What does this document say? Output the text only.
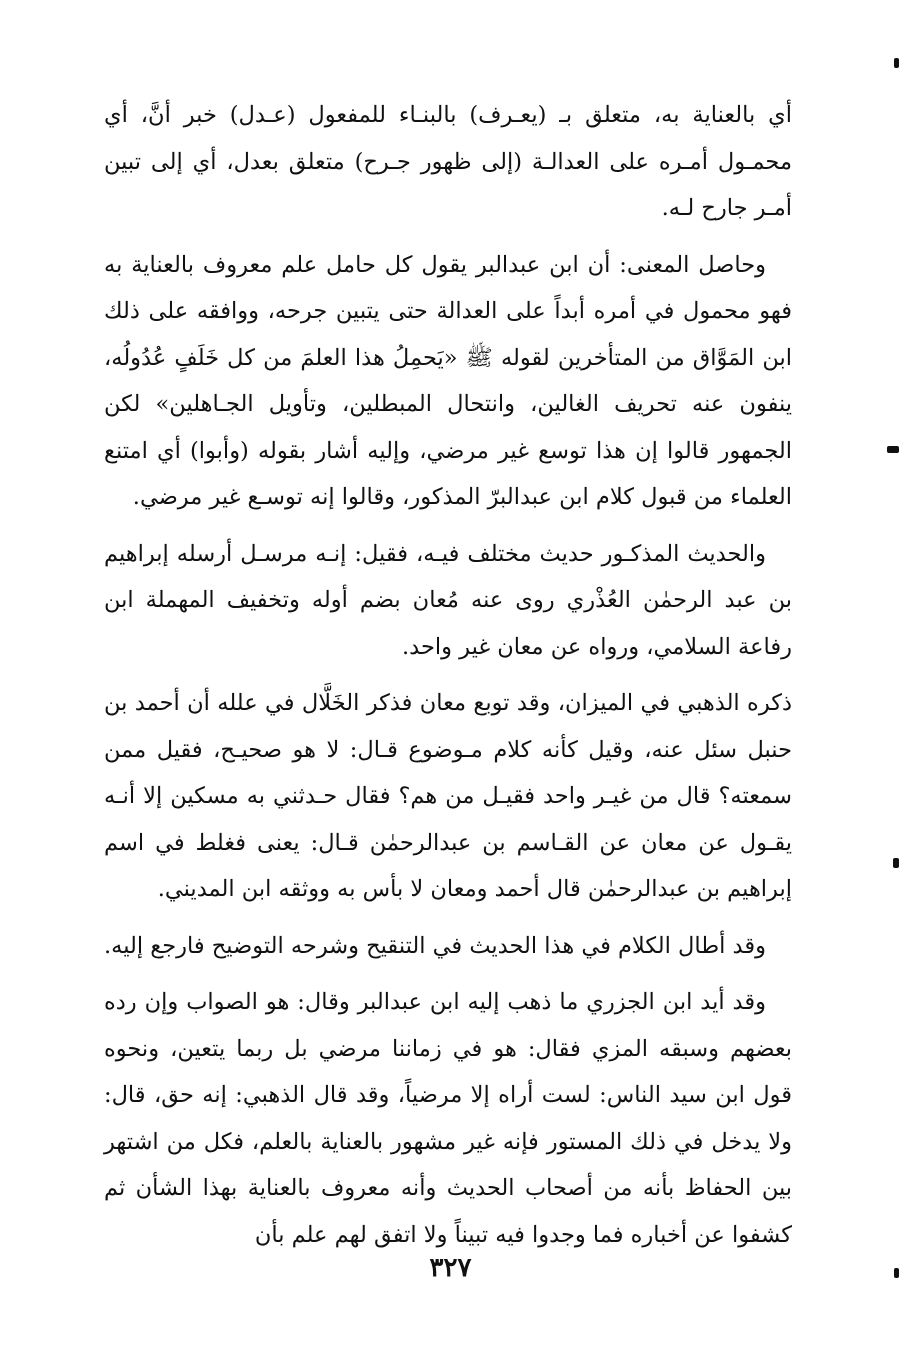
أي بالعناية به، متعلق بـ (يعـرف) بالبنـاء للمفعول (عـدل) خبر أنَّ، أي محمـول أمـره على العدالـة (إلى ظهور جـرح) متعلق بعدل، أي إلى تبين أمـر جارح لـه.

وحاصل المعنى: أن ابن عبدالبر يقول كل حامل علم معروف بالعناية به فهو محمول في أمره أبداً على العدالة حتى يتبين جرحه، ووافقه على ذلك ابن المَوَّاق من المتأخرين لقوله ﷺ «يَحمِلُ هذا العلمَ من كل خَلَفٍ عُدُولُه، ينفون عنه تحريف الغالين، وانتحال المبطلين، وتأويل الجـاهلين» لكن الجمهور قالوا إن هذا توسع غير مرضي، وإليه أشار بقوله (وأبوا) أي امتنع العلماء من قبول كلام ابن عبدالبرّ المذكور، وقالوا إنه توسـع غير مرضي.

والحديث المذكـور حديث مختلف فيـه، فقيل: إنـه مرسـل أرسله إبراهيم بن عبد الرحمٰن العُذْري روى عنه مُعان بضم أوله وتخفيف المهملة ابن رفاعة السلامي، ورواه عن معان غير واحد.

ذكره الذهبي في الميزان، وقد توبع معان فذكر الخَلَّال في علله أن أحمد بن حنبل سئل عنه، وقيل كأنه كلام مـوضوع قـال: لا هو صحيـح، فقيل ممن سمعته؟ قال من غيـر واحد فقيـل من هم؟ فقال حـدثني به مسكين إلا أنـه يقـول عن معان عن القـاسم بن عبدالرحمٰن قـال: يعنى فغلط في اسم إبراهيم بن عبدالرحمٰن قال أحمد ومعان لا بأس به ووثقه ابن المديني.

وقد أطال الكلام في هذا الحديث في التنقيح وشرحه التوضيح فارجع إليه.

وقد أيد ابن الجزري ما ذهب إليه ابن عبدالبر وقال: هو الصواب وإن رده بعضهم وسبقه المزي فقال: هو في زماننا مرضي بل ربما يتعين، ونحوه قول ابن سيد الناس: لست أراه إلا مرضياً، وقد قال الذهبي: إنه حق، قال: ولا يدخل في ذلك المستور فإنه غير مشهور بالعناية بالعلم، فكل من اشتهر بين الحفاظ بأنه من أصحاب الحديث وأنه معروف بالعناية بهذا الشأن ثم كشفوا عن أخباره فما وجدوا فيه تبيناً ولا اتفق لهم علم بأن

٣٢٧
